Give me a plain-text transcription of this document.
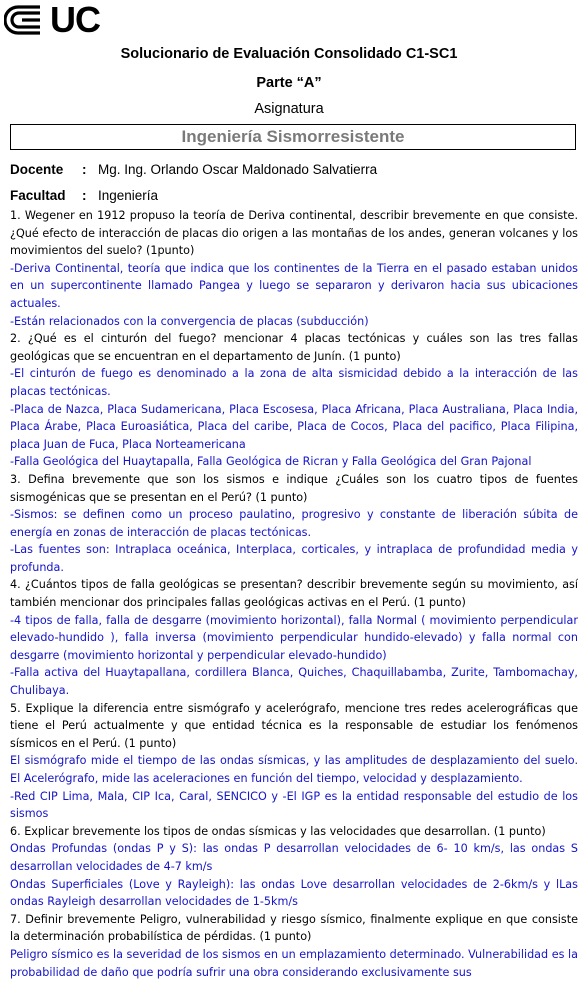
UC
Solucionario de Evaluación Consolidado C1-SC1
Parte “A”
Asignatura
Ingeniería Sismorresistente
Docente : Mg. Ing. Orlando Oscar Maldonado Salvatierra
Facultad : Ingeniería

1. Wegener en 1912 propuso la teoría de Deriva continental, describir brevemente en que consiste. ¿Qué efecto de interacción de placas dio origen a las montañas de los andes, generan volcanes y los movimientos del suelo? (1punto)

-Deriva Continental, teoría que indica que los continentes de la Tierra en el pasado estaban unidos en un supercontinente llamado Pangea y luego se separaron y derivaron hacia sus ubicaciones actuales.

-Están relacionados con la convergencia de placas (subducción)

2. ¿Qué es el cinturón del fuego? mencionar 4 placas tectónicas y cuáles son las tres fallas geológicas que se encuentran en el departamento de Junín. (1 punto)

-El cinturón de fuego es denominado a la zona de alta sismicidad debido a la interacción de las placas tectónicas.

-Placa de Nazca, Placa Sudamericana, Placa Escosesa, Placa Africana, Placa Australiana, Placa India, Placa Árabe, Placa Euroasiática, Placa del caribe, Placa de Cocos, Placa del pacifico, Placa Filipina, placa Juan de Fuca, Placa Norteamericana

-Falla Geológica del Huaytapalla, Falla Geológica de Ricran y Falla Geológica del Gran Pajonal

3. Defina brevemente que son los sismos e indique ¿Cuáles son los cuatro tipos de fuentes sismogénicas que se presentan en el Perú? (1 punto)

-Sismos: se definen como un proceso paulatino, progresivo y constante de liberación súbita de energía en zonas de interacción de placas tectónicas.

-Las fuentes son: Intraplaca oceánica, Interplaca, corticales, y intraplaca de profundidad media y profunda.

4. ¿Cuántos tipos de falla geológicas se presentan? describir brevemente según su movimiento, así también mencionar dos principales fallas geológicas activas en el Perú. (1 punto)

-4 tipos de falla, falla de desgarre (movimiento horizontal), falla Normal ( movimiento perpendicular elevado-hundido ), falla inversa (movimiento perpendicular hundido-elevado) y falla normal con desgarre (movimiento horizontal y perpendicular elevado-hundido)

-Falla activa del Huaytapallana, cordillera Blanca, Quiches, Chaquillabamba, Zurite, Tambomachay, Chulibaya.

5. Explique la diferencia entre sismógrafo y acelerógrafo, mencione tres redes acelerográficas que tiene el Perú actualmente y que entidad técnica es la responsable de estudiar los fenómenos sísmicos en el Perú. (1 punto)

El sismógrafo mide el tiempo de las ondas sísmicas, y las amplitudes de desplazamiento del suelo. El Acelerógrafo, mide las aceleraciones en función del tiempo, velocidad y desplazamiento.

-Red CIP Lima, Mala, CIP Ica, Caral, SENCICO y -El IGP es la entidad responsable del estudio de los sismos

6. Explicar brevemente los tipos de ondas sísmicas y las velocidades que desarrollan. (1 punto)

Ondas Profundas (ondas P y S): las ondas P desarrollan velocidades de 6- 10 km/s, las ondas S desarrollan velocidades de 4-7 km/s

Ondas Superficiales (Love y Rayleigh): las ondas Love desarrollan velocidades de 2-6km/s y lLas ondas Rayleigh desarrollan velocidades de 1-5km/s

7. Definir brevemente Peligro, vulnerabilidad y riesgo sísmico, finalmente explique en que consiste la determinación probabilística de pérdidas. (1 punto)

Peligro sísmico es la severidad de los sismos en un emplazamiento determinado. Vulnerabilidad es la probabilidad de daño que podría sufrir una obra considerando exclusivamente sus
